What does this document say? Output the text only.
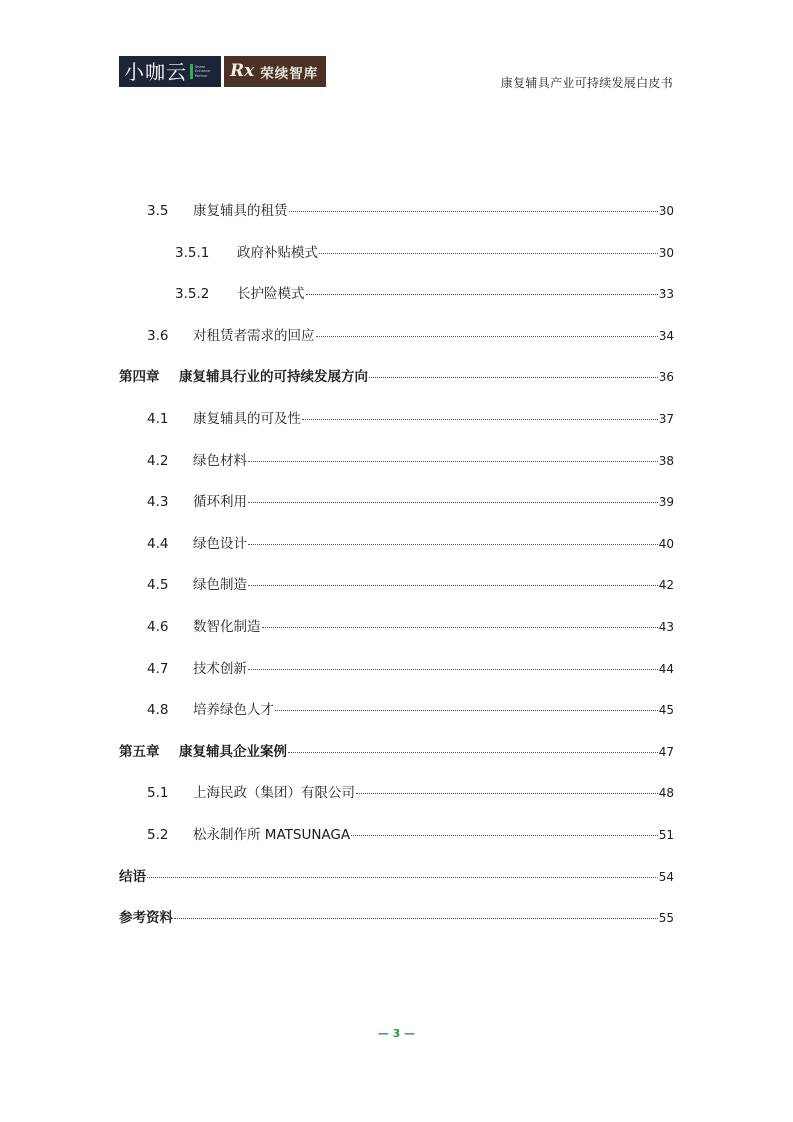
小咖云 Share
Enhance
Partner Rx 荣续智库
康复辅具产业可持续发展白皮书
3.5	康复辅具的租赁	30
3.5.1	政府补贴模式	30
3.5.2	长护险模式	33
3.6	对租赁者需求的回应	34
第四章	康复辅具行业的可持续发展方向	36
4.1	康复辅具的可及性	37
4.2	绿色材料	38
4.3	循环利用	39
4.4	绿色设计	40
4.5	绿色制造	42
4.6	数智化制造	43
4.7	技术创新	44
4.8	培养绿色人才	45
第五章	康复辅具企业案例	47
5.1	上海民政（集团）有限公司	48
5.2	松永制作所 MATSUNAGA	51
结语	54
参考资料	55
— 3 —
